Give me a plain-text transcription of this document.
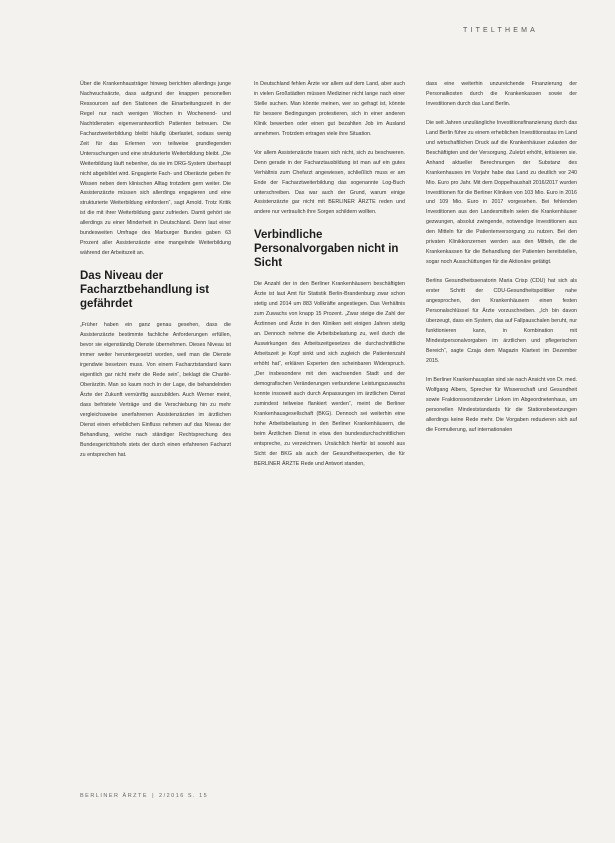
TITELTHEMA

Über die Krankenhausträger hinweg berichten allerdings junge Nachwuchsärzte, dass aufgrund der knappen personellen Ressourcen auf den Stationen die Einarbeitungszeit in der Regel nur nach wenigen Wochen in Wochenend- und Nachtdiensten eigenverantwortlich Patienten betreuen. Die Facharztweiterbildung bleibt häufig überlastet, sodass wenig Zeit für das Erlernen von teilweise grundlegenden Untersuchungen und eine strukturierte Weiterbildung bleibt. „Die Weiterbildung läuft nebenher, da sie im DRG-System überhaupt nicht abgebildet wird. Engagierte Fach- und Oberärzte geben ihr Wissen neben dem klinischen Alltag trotzdem gern weiter. Die Assistenzärzte müssen sich allerdings engagieren und eine strukturierte Weiterbildung einfordern“, sagt Arnold. Trotz Kritik ist die mit ihrer Weiterbildung ganz zufrieden. Damit gehört sie allerdings zu einer Minderheit in Deutschland. Denn laut einer bundesweiten Umfrage des Marburger Bundes gaben 63 Prozent aller Assistenzärzte eine mangelnde Weiterbildung während der Arbeitszeit an.

Das Niveau der Facharztbehandlung ist gefährdet

„Früher haben ein ganz genau gesehen, dass die Assistenzärzte bestimmte fachliche Anforderungen erfüllen, bevor sie eigenständig Dienste übernehmen. Dieses Niveau ist immer weiter heruntergesetzt worden, weil man die Dienste irgendwie besetzen muss. Von einem Facharztstandard kann eigentlich gar nicht mehr die Rede sein“, beklagt die Charité-Oberärztin. Man so kaum noch in der Lage, die behandelnden Ärzte der Zukunft vernünftig auszubilden. Auch Werner meint, dass befristete Verträge und die Verschiebung hin zu mehr vergleichsweise unerfahrenen Assistenzärzten im ärztlichen Dienst einen erheblichen Einfluss nehmen auf das Niveau der Behandlung, welche nach ständiger Rechtsprechung des Bundesgerichtshofs stets der durch einen erfahrenen Facharzt zu entsprechen hat.

In Deutschland fehlen Ärzte vor allem auf dem Land, aber auch in vielen Großstädten müssen Mediziner nicht lange nach einer Stelle suchen. Man könnte meinen, wer so gefragt ist, könnte für bessere Bedingungen protestieren, sich in einer anderen Klinik bewerben oder einen gut bezahlten Job im Ausland annehmen. Trotzdem ertragen viele ihre Situation.

Vor allem Assistenzärzte trauen sich nicht, sich zu beschweren. Denn gerade in der Facharztausbildung ist man auf ein gutes Verhältnis zum Chefarzt angewiesen, schließlich muss er am Ende der Facharztweiterbildung das sogenannte Log-Buch unterschreiben. Das war auch der Grund, warum einige Assistenzärzte gar nicht mit BERLINER ÄRZTE reden und andere nur vertraulich ihre Sorgen schildern wollten.

Verbindliche Personalvorgaben nicht in Sicht

Die Anzahl der in den Berliner Krankenhäusern beschäftigten Ärzte ist laut Amt für Statistik Berlin-Brandenburg zwar schon stetig und 2014 um 883 Vollkräfte angestiegen. Das Verhältnis zum Zuwachs von knapp 15 Prozent. „Zwar steige die Zahl der Ärztinnen und Ärzte in den Kliniken seit einigen Jahren stetig an. Dennoch nehme die Arbeitsbelastung zu, weil durch die Auswirkungen des Arbeitszeitgesetzes die durchschnittliche Arbeitszeit je Kopf sinkt und sich zugleich die Patientenzahl erhöht hat“, erklären Experten den scheinbaren Widerspruch. „Der insbesondere mit den wachsenden Stadt und der demografischen Veränderungen verbundene Leistungszuwachs konnte insoweit auch durch Anpassungen im ärztlichen Dienst zumindest teilweise flankiert werden“, meint die Berliner Krankenhausgesellschaft (BKG). Dennoch sei weiterhin eine hohe Arbeitsbelastung in den Berliner Krankenhäusern, die beim Ärztlichen Dienst in etwa den bundesdurchschnittlichen entspreche, zu verzeichnen. Ursächlich hierfür ist sowohl aus Sicht der BKG als auch der Gesundheitsexperten, die für BERLINER ÄRZTE Rede und Antwort standen,

dass eine weiterhin unzureichende Finanzierung der Personalkosten durch die Krankenkassen sowie der Investitionen durch das Land Berlin.

Die seit Jahren unzulängliche Investitionsfinanzierung durch das Land Berlin führe zu einem erheblichen Investitionsstau im Land und wirtschaftlichen Druck auf die Krankenhäuser zulasten der Beschäftigten und der Versorgung. Zuletzt erhöht, kritisieren sie. Anhand aktueller Berechnungen der Substanz des Krankenhauses im Vorjahr habe das Land zu deutlich vor 240 Mio. Euro pro Jahr. Mit dem Doppelhaushalt 2016/2017 wurden Investitionen für die Berliner Kliniken von 103 Mio. Euro in 2016 und 109 Mio. Euro in 2017 vorgesehen. Bei fehlenden Investitionen aus den Landesmitteln seien die Krankenhäuser gezwungen, absolut zwingende, notwendige Investitionen aus den Mitteln für die Patientenversorgung zu nutzen. Bei den privaten Klinikkonzernen werden aus den Mitteln, die die Krankenkassen für die Behandlung der Patienten bereitstellen, sogar noch Ausschüttungen für die Aktionäre getätigt.

Berlins Gesundheitssenatorin Maria Crisp (CDU) hat sich als erster Schritt der CDU-Gesundheitspolitiker nahe angesprochen, den Krankenhäusern einen festen Personalschlüssel für Ärzte vorzuschreiben. „Ich bin davon überzeugt, dass ein System, das auf Fallpauschalen beruht, nur funktionieren kann, in Kombination mit Mindestpersonalvorgaben im ärztlichen und pflegerischen Bereich“, sagte Czaja dem Magazin Klartext im Dezember 2015.

Im Berliner Krankenhausplan sind sie nach Ansicht von Dr. med. Wolfgang Albers, Sprecher für Wissenschaft und Gesundheit sowie Fraktionsvorsitzender Linken im Abgeordnetenhaus, um personellen Mindeststandards für die Stationsbesetzungen allerdings keine Rede mehr. Die Vorgaben reduzieren sich auf die Formulierung, auf internationalen

BERLINER ÄRZTE | 2/2016 S. 15
